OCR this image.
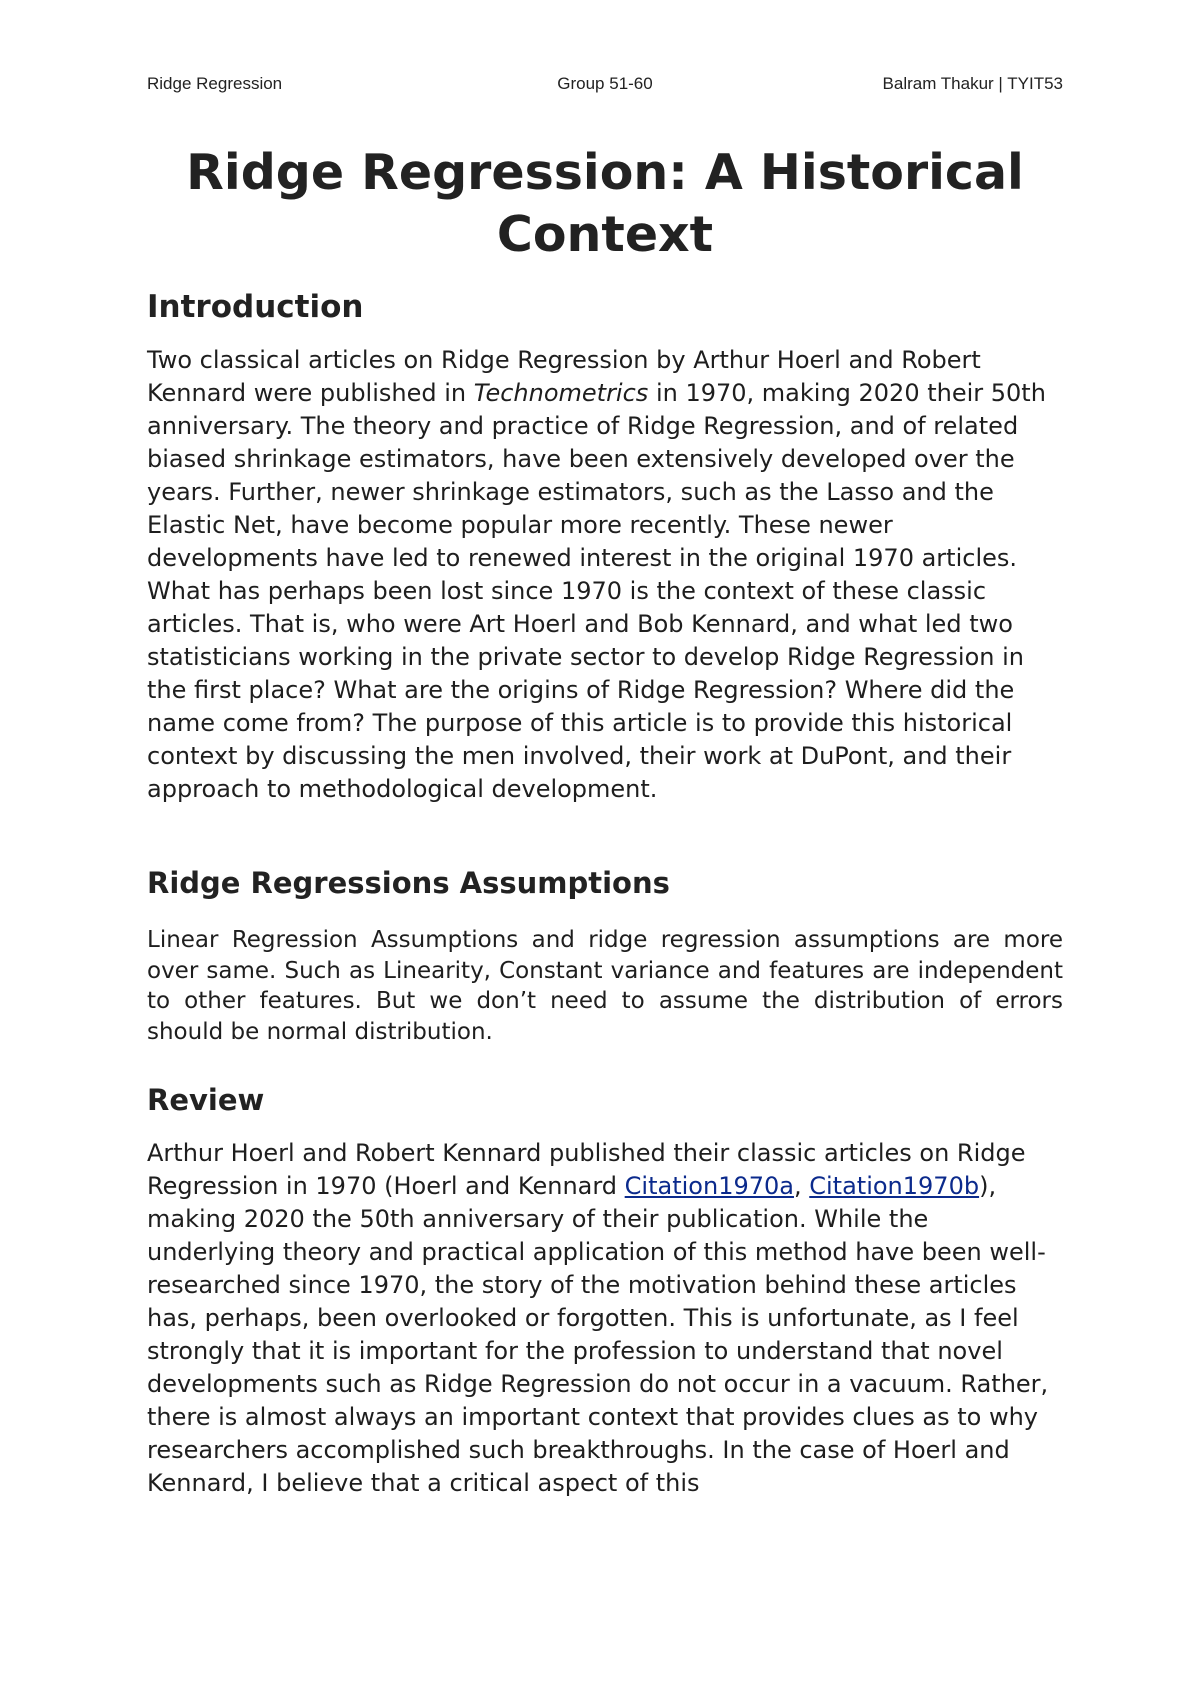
Ridge Regression	Group 51-60	Balram Thakur | TYIT53
Ridge Regression: A Historical Context
Introduction

Two classical articles on Ridge Regression by Arthur Hoerl and Robert Kennard were published in Technometrics in 1970, making 2020 their 50th anniversary. The theory and practice of Ridge Regression, and of related biased shrinkage estimators, have been extensively developed over the years. Further, newer shrinkage estimators, such as the Lasso and the Elastic Net, have become popular more recently. These newer developments have led to renewed interest in the original 1970 articles. What has perhaps been lost since 1970 is the context of these classic articles. That is, who were Art Hoerl and Bob Kennard, and what led two statisticians working in the private sector to develop Ridge Regression in the first place? What are the origins of Ridge Regression? Where did the name come from? The purpose of this article is to provide this historical context by discussing the men involved, their work at DuPont, and their approach to methodological development.

Ridge Regressions Assumptions

Linear Regression Assumptions and ridge regression assumptions are more over same. Such as Linearity, Constant variance and features are independent to other features. But we don’t need to assume the distribution of errors should be normal distribution.

Review

Arthur Hoerl and Robert Kennard published their classic articles on Ridge Regression in 1970 (Hoerl and Kennard Citation1970a, Citation1970b), making 2020 the 50th anniversary of their publication. While the underlying theory and practical application of this method have been well-researched since 1970, the story of the motivation behind these articles has, perhaps, been overlooked or forgotten. This is unfortunate, as I feel strongly that it is important for the profession to understand that novel developments such as Ridge Regression do not occur in a vacuum. Rather, there is almost always an important context that provides clues as to why researchers accomplished such breakthroughs. In the case of Hoerl and Kennard, I believe that a critical aspect of this
